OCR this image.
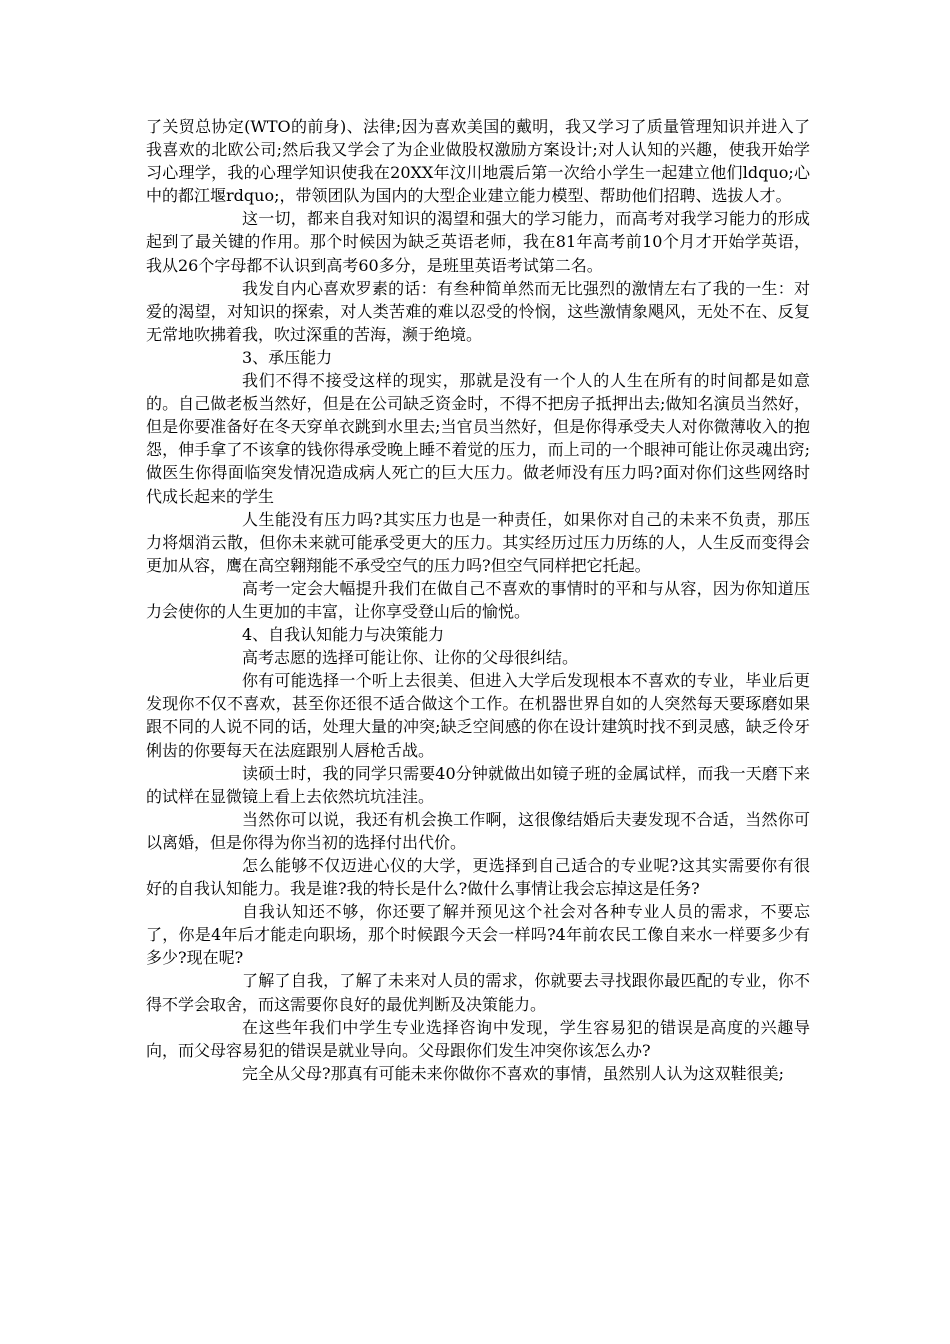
了关贸总协定(WTO的前身)、法律;因为喜欢美国的戴明，我又学习了质量管理知识并进入了我喜欢的北欧公司;然后我又学会了为企业做股权激励方案设计;对人认知的兴趣，使我开始学习心理学，我的心理学知识使我在20XX年汶川地震后第一次给小学生一起建立他们ldquo;心中的都江堰rdquo;，带领团队为国内的大型企业建立能力模型、帮助他们招聘、选拔人才。

这一切，都来自我对知识的渴望和强大的学习能力，而高考对我学习能力的形成起到了最关键的作用。那个时候因为缺乏英语老师，我在81年高考前10个月才开始学英语，我从26个字母都不认识到高考60多分，是班里英语考试第二名。

我发自内心喜欢罗素的话：有叁种简单然而无比强烈的激情左右了我的一生：对爱的渴望，对知识的探索，对人类苦难的难以忍受的怜悯，这些激情象飓风，无处不在、反复无常地吹拂着我，吹过深重的苦海，濒于绝境。

3、承压能力

我们不得不接受这样的现实，那就是没有一个人的人生在所有的时间都是如意的。自己做老板当然好，但是在公司缺乏资金时，不得不把房子抵押出去;做知名演员当然好，但是你要准备好在冬天穿单衣跳到水里去;当官员当然好，但是你得承受夫人对你微薄收入的抱怨，伸手拿了不该拿的钱你得承受晚上睡不着觉的压力，而上司的一个眼神可能让你灵魂出窍;做医生你得面临突发情况造成病人死亡的巨大压力。做老师没有压力吗?面对你们这些网络时代成长起来的学生

人生能没有压力吗?其实压力也是一种责任，如果你对自己的未来不负责，那压力将烟消云散，但你未来就可能承受更大的压力。其实经历过压力历练的人，人生反而变得会更加从容，鹰在高空翱翔能不承受空气的压力吗?但空气同样把它托起。

高考一定会大幅提升我们在做自己不喜欢的事情时的平和与从容，因为你知道压力会使你的人生更加的丰富，让你享受登山后的愉悦。

4、自我认知能力与决策能力

高考志愿的选择可能让你、让你的父母很纠结。

你有可能选择一个听上去很美、但进入大学后发现根本不喜欢的专业，毕业后更发现你不仅不喜欢，甚至你还很不适合做这个工作。在机器世界自如的人突然每天要琢磨如果跟不同的人说不同的话，处理大量的冲突;缺乏空间感的你在设计建筑时找不到灵感，缺乏伶牙俐齿的你要每天在法庭跟别人唇枪舌战。

读硕士时，我的同学只需要40分钟就做出如镜子班的金属试样，而我一天磨下来的试样在显微镜上看上去依然坑坑洼洼。

当然你可以说，我还有机会换工作啊，这很像结婚后夫妻发现不合适，当然你可以离婚，但是你得为你当初的选择付出代价。

怎么能够不仅迈进心仪的大学，更选择到自己适合的专业呢?这其实需要你有很好的自我认知能力。我是谁?我的特长是什么?做什么事情让我会忘掉这是任务?

自我认知还不够，你还要了解并预见这个社会对各种专业人员的需求，不要忘了，你是4年后才能走向职场，那个时候跟今天会一样吗?4年前农民工像自来水一样要多少有多少?现在呢?

了解了自我，了解了未来对人员的需求，你就要去寻找跟你最匹配的专业，你不得不学会取舍，而这需要你良好的最优判断及决策能力。

在这些年我们中学生专业选择咨询中发现，学生容易犯的错误是高度的兴趣导向，而父母容易犯的错误是就业导向。父母跟你们发生冲突你该怎么办?

完全从父母?那真有可能未来你做你不喜欢的事情，虽然别人认为这双鞋很美;
